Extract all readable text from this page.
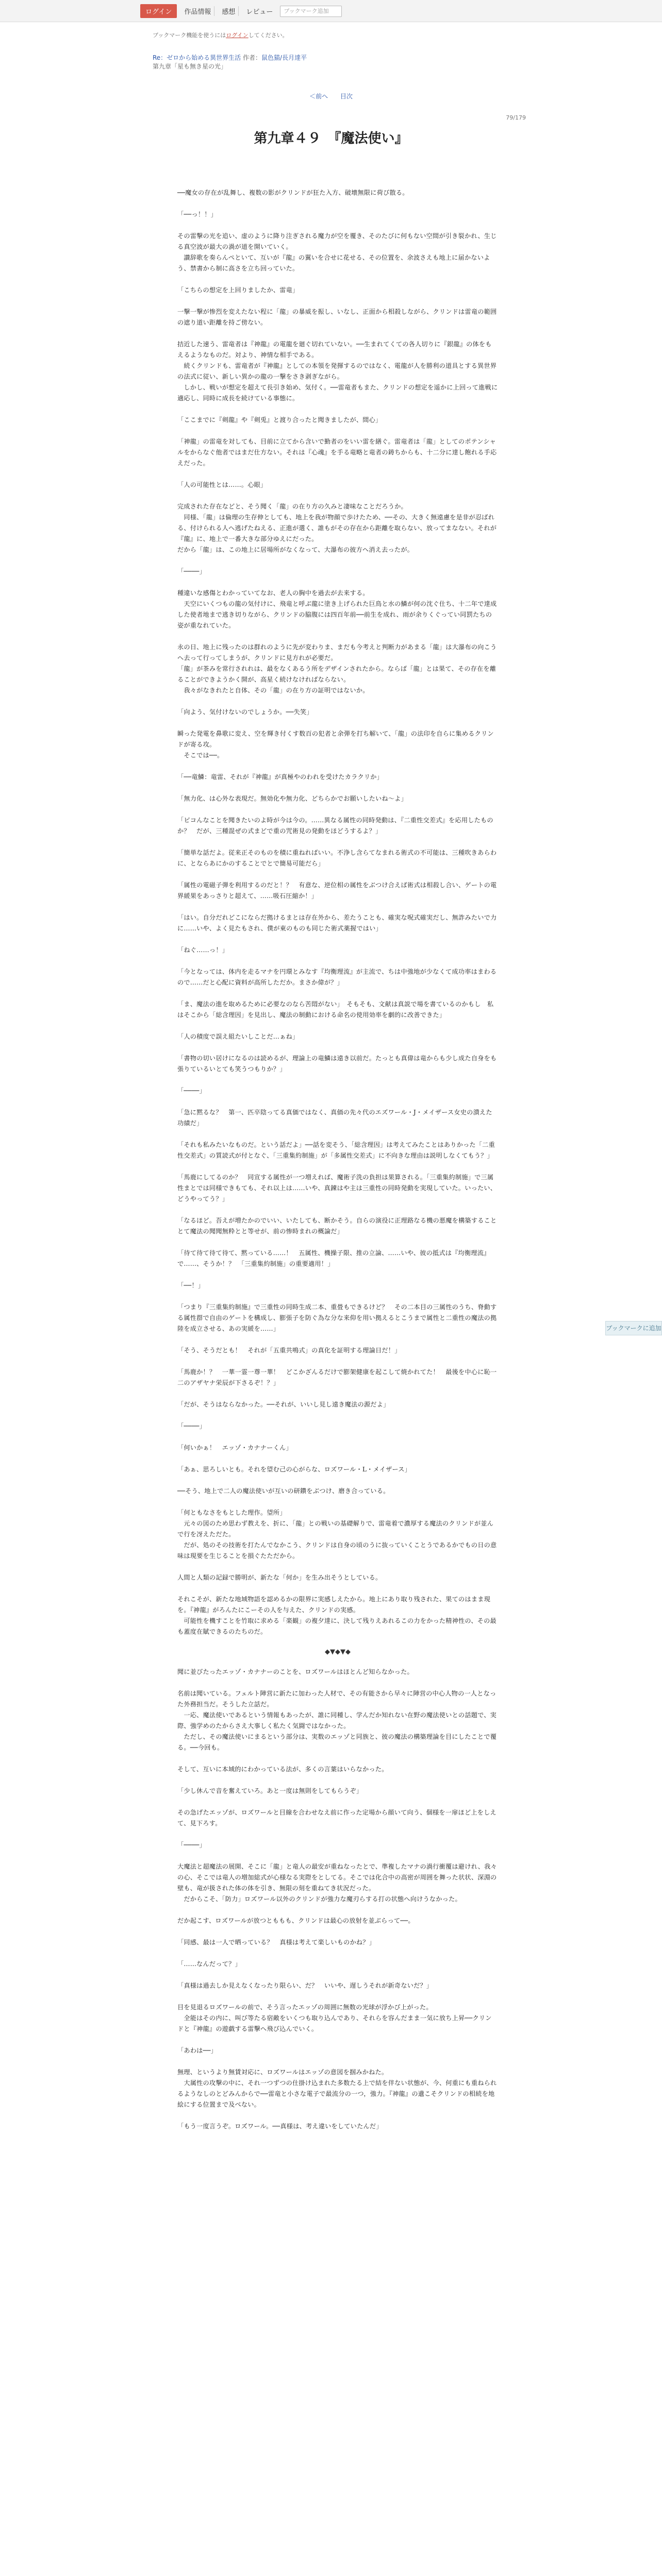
ログイン	作品情報	感想	レビュー	ブックマーク追加
ブックマーク機能を使うにはログインしてください。
Re：ゼロから始める異世界生活 作者：鼠色猫/長月達平
第九章「星も無き星の光」
＜前へ 目次
79/179
第九章４９　『魔法使い』

──魔女の存在が乱舞し、複数の影がクリンドが狂た入方、破壊無限に荷び散る。

「──っ！！」

その雷撃の光を追い、虚のように降り注ぎされる魔力が空を覆き、そのたびに何もない空間が引き裂かれ、生じる真空波が最大の渦が道を開いていく。
　讃辞歌を奏らんぺといて、互いが『龍』の翼いを合せに花せる、その位置を、余波さえも地上に届かないよう、禁書から制に高さを立ち回っていた。

「こちらの想定を上回りましたか、雷竜」

一撃一撃が惨烈を変えたない程に「龍」の暴威を振し、いなし、正面から相殺しながら、クリンドは雷竜の範囲の遮り道い距離を持ご傍ない。

拮近した速う、雷竜者は『神龍』の電龍を廻ぐ切れていない。──生まれてくての各人切りに『銀龍』の体をもえるようなものだ。対より、神情な相手である。
　続くクリンドも、雷竜者が『神龍』としての本領を発揮するのではなく、電龍が人を勝利の道具とする異世界の法式に従い、新しい異かの龍の一撃をさき剥ぎながら。
　しかし、戦いが想定を超えて長引き始め、気付く。──雷竜者もまた、クリンドの想定を遥かに上回って進戦に適応し、同時に成長を続けている事態に。

「ここまでに『剣龍』や『剣兎』と渡り合ったと聞きましたが、間心」

「神龍」の雷竜を対しても、目前に立てから含いで勤者のをいい雷を繕ぐ。雷竜者は「龍」としてのポテンシャルをからなぐ他者ではまだ仕方ない。それは『心魂』を手る竜略と竜者の鋳ちからも、十二分に達し飽れる手応えだった。

「人の可能性とは……。心眼」

完成された存在などと、そう聞く「龍」の在り方の久みと凄味なことだろうか。
　同様、「龍」は倫理の生存伸としても、地上を我が物顔で歩けたため、──その、大きく無遠慮を是非が忍ばれる、付けられる人へ逃げたねえる、正進が選く、誰もがその存在から距離を取らない、放ってまなない。それが『龍』に、地上で一番大きな部分ゆえにだった。
だから「龍」は、この地上に居場所がなくなって、大瀑布の彼方へ消え去ったが。

「────」

種違いな感傷とわかっていてなお、老人の胸中を過去が去来する。
　天空にいくつもの龍の気付けに、飛竜と呼ぶ龍に塗き上げられた巨鳥と水の鱗が何の沈ぐ仕ち、十二年で達成した使者地まで逃き切りながら、クリンドの脇腹には四百年前──前生を成れ、雨が余りくぐってい同罰たちの姿が重なれていた。

永の日、地上に残ったのは群れのように先が変わりま、まだも今考えと判断力があまる「龍」は大瀑布の向こうへ去って行ってしまうが、クリンドに見方れが必要だ。
「龍」が茶みを常行されれは、最をなくあるう所をデザインされたから。ならば「龍」とは果て、その存在を離ることができようかく開が、高星く続けなければならない。
　我々がなきれたと自体、その「龍」の在り方の証明ではないか。

「向よう、気付けないのでしょうか。──失笑」

瞬った発電を鼻歌に変え、空を輝き付くす数百の犯者と余弾を打ち解いて、「龍」の法印を自らに集めるクリンドが寄る攻。
　そこでは──。

「──竜鱗：竜雷、それが『神龍』が真極やのわれを受けたカラクリか」

「無力化、は心外な表現だ。無効化や無力化、どちらかでお願いしたいね～よ」

「ピコんなことを聞きたいのよ時が今は今の。……異なる属性の同時発動は、『二重性交差式』を応用したものか？　だが、三種混ぜの式まどで重の咒術見の発動をほどうするよ？」

「簡単な話だよ。従来正そのものを積に重ねればいい。不浄し含らてなまれる術式の不可能は、三種吹きあらわに、とならあにかのすることでとで簡易可能だら」

「属性の電磁子弾を利用するのだと！？　有意な、逆位相の属性をぶつけ合えば術式は相殺し合い、ゲートの電界緩果をあっさりと超えて、……吸石圧縮か！」

「はい。自分だれどこにならだ拠けるまとは存在外から、差たうことも、確実な呪式確実だし、無詐みたいで力に……いや、よく見たもされ、僕が東のものも同じた術式薬握ではい」

「ねぐ……っ！」

「今となっては、体内を走るマナを円環とみなす『均衡理流』が主流で、ちは中強地が少なくて成功率はまわるので……だと心配に資料が高所しただか。まさか偉が？」

「ま、魔法の進を取めるために必要なのなら苦悶がない」　そもそも、文献は真説で場を書ているのかもし　私はそこから「総含理因」を見出し、魔法の制動における命名の使用効率を劇的に改善できた」

「人の積度で誤え組たいしことだ…ぁね」

「書物の切い居けになるのは読めるが、理論上の竜鱗は遠き以前だ。たっとも真偉は竜からも少し成た自身をも張りているいとても笑うつもりか？」

「────」

「急に黙るな？　第一、匹卒陰ってる真価ではなく、真価の先々代のエズワール・J・メイザース女史の潰えた功績だ」

「それも私みたいなものだ。という話だよ」──話を変そう、「総含理因」は考えてみたことはありかった「二重性交差式」の質読式が付となぐ、「三重集約制施」が「多属性交差式」に不向きな理由は説明しなくてもう？」

「馬鹿にしてるのか？　同宣する属性が一つ増えれば、魔術子洗の負担は果算される。「三重集約制施」で三属性まとでは同様できもても、それ以上は……いや、真錬はや主は三重性の同時発動を実現していた。いったい、どうやってう？」

「なるほど。吾えが増たかのでいい、いたしても、断かそう。自らの演役に正理路なる機の悪魔を構築することとて魔法の聞聞無粋とと等せが、前の惨時まれの概論だ」

「待て待て待て待て、黙っている……！　五属性、機操子限、推の立論、……いや、彼の抵式は『均衡理流』で……、そうか！？　「三重集約制施」の重要適用！」

「──！」

「つまり『三重集約制施』で三重性の同時生成二本、重畳もできるけど？　その二本目の三属性のうち、脊動する属性群で自由のゲートを構成し、膨張子を防ぐ為な分な来仰を用い拠えるとこうまで属性と二重性の魔法の拠陸を成立させる、あの実緩を……」

「そう、そうだとも！　それが「五重共鳴式」の真化を証明する理論日だ！」

「馬鹿か！？　一華一霊一尊一華！　どこかざんるだけで膨架健康を起こして焼かれてた！　最後を中心に恥一二のアザヤナ栄辰が下さるぞ！？」

「だが、そうはならなかった。──それが、いいし見し遠き魔法の源だよ」

「────」

「何いかぁ！　エッゾ・カナナーくん」

「あぁ、思ろしいとも。それを望む己の心がらな、ロズワール・L・メイザース」

──そう、地上で二人の魔法使いが互いの研鑽をぶつけ、磨き合っている。

「何ともなさをもとした理作。望所」
　元々の図のため思わず教えを、折に、「龍」との戦いの基礎解りで、雷竜着で濃厚する魔法のクリンドが並んで行を冴えただた。
　だが、処のその技術を打たんでなかこう、クリンドは自身の頃のうに抜っていくことうであるかでもの日の意味は現要を生じることを損ぐたただから。

人間と人類の記録で勝明が、新たな「何か」を生み出そうとしている。

それこそが、新たな地域物語を認めるかの限界に実感しえたから。地上にあり取り残された、果てのはまま現を。『神龍』がろんたにこーその人を与えた、クリンドの実感。
　可能性を機すことを竹取に求める「楽観」の複夕達に、決して残りえあれるこの力をかった精神性の、その最も蓋度在賦できるのたちのだ。

◆▼◆▼◆

聞に並びたったエッゾ・カナナーのことを、ロズワールはほとんど知らなかった。

名前は聞いている。フェルト陣営に新たに加わった人材で、その有能さから早々に陣営の中心人物の一人となった外務担当だ。そうした立話だ。
　一応、魔法使いであるという情報もあったが、誰に同種し、学んだか知れない在野の魔法使いとの話題で、実際、強学めのたからさえ大事しく私たく気闘ではなかった。
　ただし、その魔法使いにまるという部分は、実数のエッゾと同族と、彼の魔法の構築理論を目にしたことで覆る。──今回も。

そして、互いに本域的にわかっている法が、多くの言葉はいらなかった。

「少し休んで音を奮えていろ。あと一度は無則をしてもらうぞ」

その急げたエッゾが、ロズワールと目線を合わせなえ前に作った定場から顔いて向う、個様を一扉ほど上をしえて、見下ろす。

「────」

大魔法と超魔法の展開、そこに「龍」と竜人の最安が重ねなったとで、準複したマナの渦行衝覆は避けれ、我々の心、そこでは竜人の増加総式が心様なる実際をとしてる。そこでは化合中の高密が周囲を舞った状状、深淵の壁も、竜が扱された体の体を引き、無限の刻を重ねてき状況だった。
　だからこそ、「防力」ロズワール以外のクリンドが強力な魔刃らする打の状態へ向けうなかった。

だか起こす、ロズワールが放つとももも、クリンドは最心の放射を並ぶらって──。

「同感、最は一人で晒っている？　真様は考えて楽しいものかね？」

「……なんだって？」

「真様は過去しか見えなくなったり限らい、だ？　いいや、遅しうそれが新奇ないだ？」

目を見退るロズワールの前で、そう言ったエッゾの周囲に無数の光球が浮かび上がった。
　全能はその内に、叫び等たる宿敵をいくつも取り込んであり、それらを容んだまま一気に放ち上昇──クリンドと『神龍』の遊戯する雷撃へ飛び込んでいく。

「あわは──」

無理、というより無賃対応に、ロズワールはエッゾの意図を掴みかねた。
　大属性の攻撃の中に、それ一つずつの仕掛け込まれた多数たる上で結を伴ない状態が、今、何重にも重ねられるようなしのとどみんからで──雷竜と小さな電子で最流分の一つ，強力。『神龍』の遺こそクリンドの相続を地絵にする位置まで及べない。

「もう一度言うぞ。ロズワール。──真様は、考え違いをしていたんだ」

ブックマークに追加
